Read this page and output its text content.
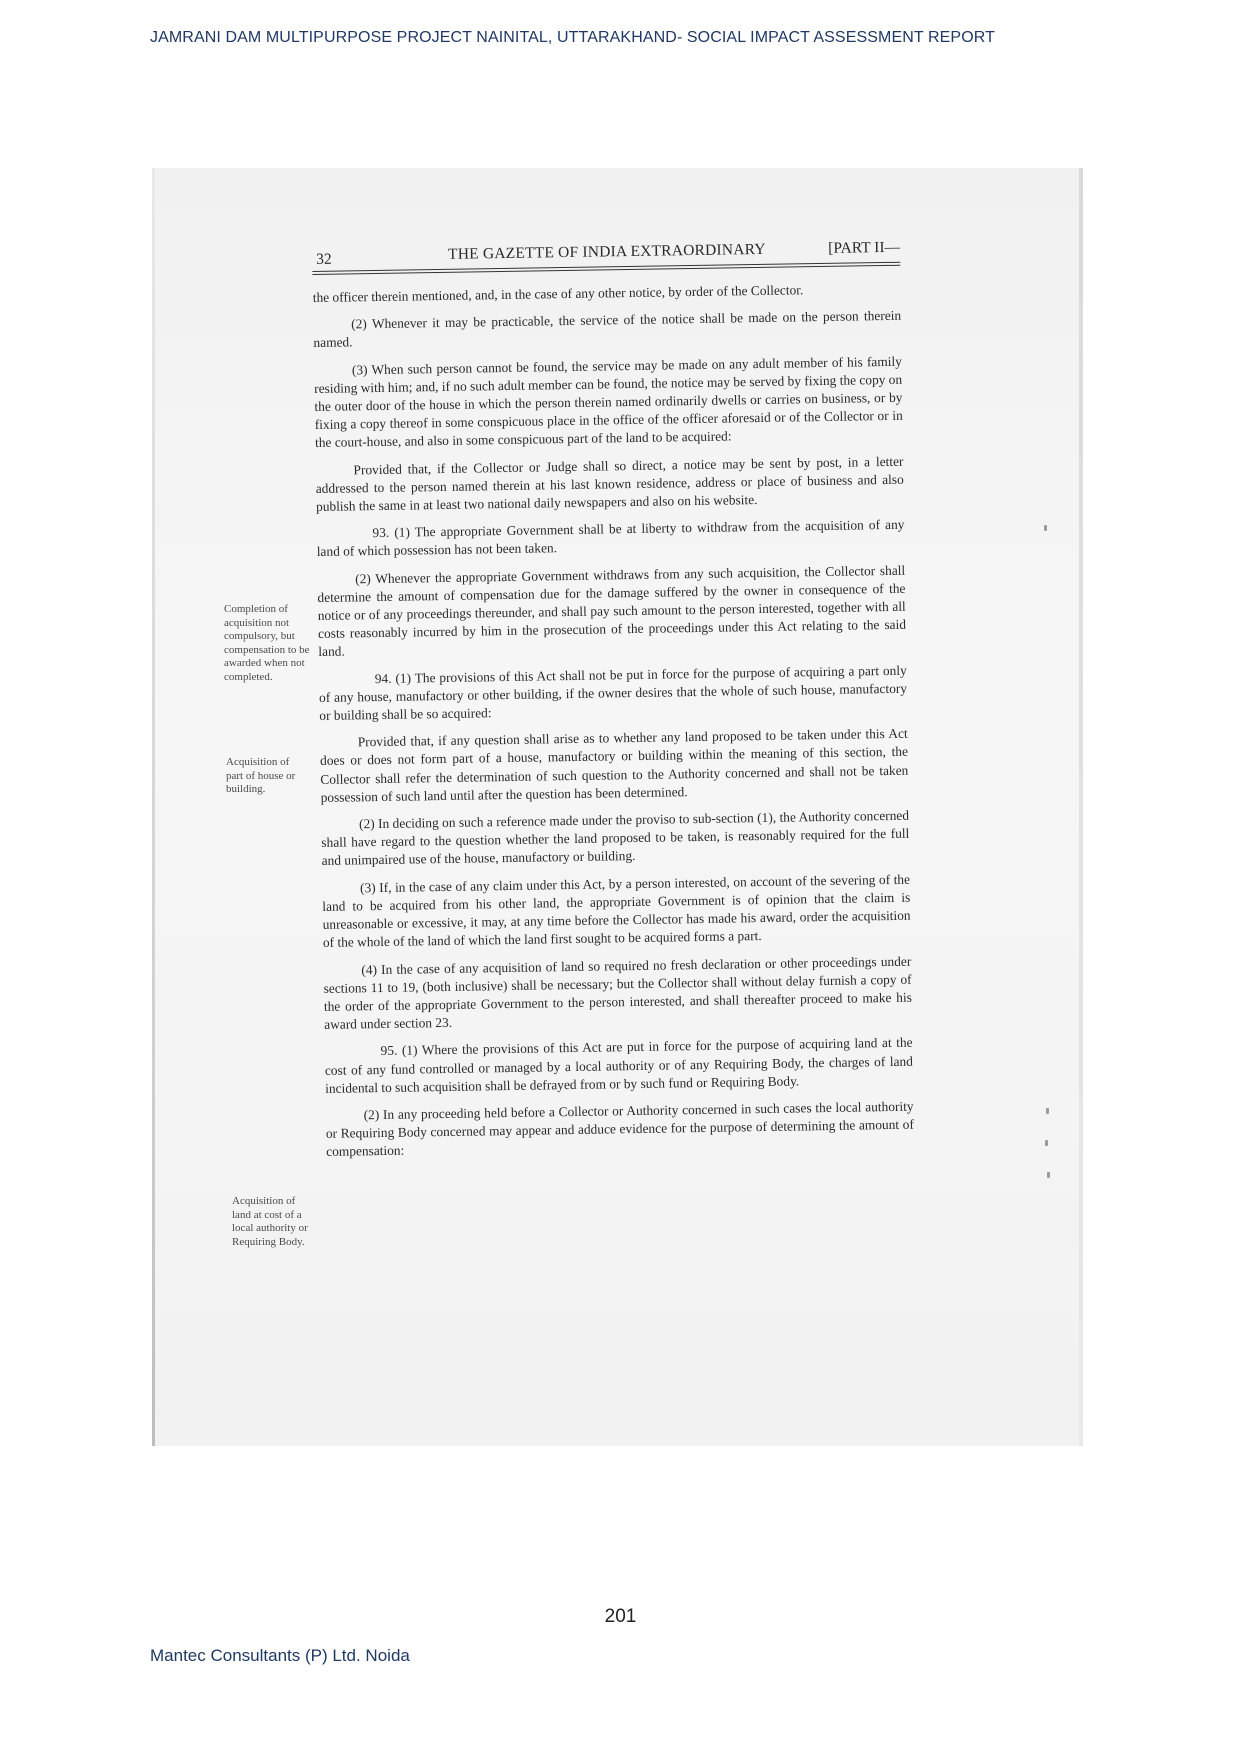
JAMRANI DAM MULTIPURPOSE PROJECT NAINITAL, UTTARAKHAND- SOCIAL IMPACT ASSESSMENT REPORT
32	THE GAZETTE OF INDIA EXTRAORDINARY	[PART II—

the officer therein mentioned, and, in the case of any other notice, by order of the Collector.

(2) Whenever it may be practicable, the service of the notice shall be made on the person therein named.

(3) When such person cannot be found, the service may be made on any adult member of his family residing with him; and, if no such adult member can be found, the notice may be served by fixing the copy on the outer door of the house in which the person therein named ordinarily dwells or carries on business, or by fixing a copy thereof in some conspicuous place in the office of the officer aforesaid or of the Collector or in the court-house, and also in some conspicuous part of the land to be acquired:

Provided that, if the Collector or Judge shall so direct, a notice may be sent by post, in a letter addressed to the person named therein at his last known residence, address or place of business and also publish the same in at least two national daily newspapers and also on his website.

93. (1) The appropriate Government shall be at liberty to withdraw from the acquisition of any land of which possession has not been taken.

(2) Whenever the appropriate Government withdraws from any such acquisition, the Collector shall determine the amount of compensation due for the damage suffered by the owner in consequence of the notice or of any proceedings thereunder, and shall pay such amount to the person interested, together with all costs reasonably incurred by him in the prosecution of the proceedings under this Act relating to the said land.

94. (1) The provisions of this Act shall not be put in force for the purpose of acquiring a part only of any house, manufactory or other building, if the owner desires that the whole of such house, manufactory or building shall be so acquired:

Provided that, if any question shall arise as to whether any land proposed to be taken under this Act does or does not form part of a house, manufactory or building within the meaning of this section, the Collector shall refer the determination of such question to the Authority concerned and shall not be taken possession of such land until after the question has been determined.

(2) In deciding on such a reference made under the proviso to sub-section (1), the Authority concerned shall have regard to the question whether the land proposed to be taken, is reasonably required for the full and unimpaired use of the house, manufactory or building.

(3) If, in the case of any claim under this Act, by a person interested, on account of the severing of the land to be acquired from his other land, the appropriate Government is of opinion that the claim is unreasonable or excessive, it may, at any time before the Collector has made his award, order the acquisition of the whole of the land of which the land first sought to be acquired forms a part.

(4) In the case of any acquisition of land so required no fresh declaration or other proceedings under sections 11 to 19, (both inclusive) shall be necessary; but the Collector shall without delay furnish a copy of the order of the appropriate Government to the person interested, and shall thereafter proceed to make his award under section 23.

95. (1) Where the provisions of this Act are put in force for the purpose of acquiring land at the cost of any fund controlled or managed by a local authority or of any Requiring Body, the charges of land incidental to such acquisition shall be defrayed from or by such fund or Requiring Body.

(2) In any proceeding held before a Collector or Authority concerned in such cases the local authority or Requiring Body concerned may appear and adduce evidence for the purpose of determining the amount of compensation:

Completion of acquisition not compulsory, but compensation to be awarded when not completed.
Acquisition of part of house or building.
Acquisition of land at cost of a local authority or Requiring Body.
201
Mantec Consultants (P) Ltd. Noida
